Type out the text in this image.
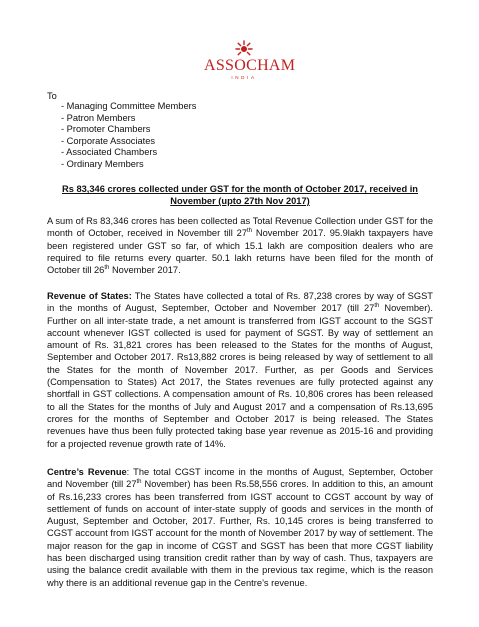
ASSOCHAM
INDIA
To
- Managing Committee Members
- Patron Members
- Promoter Chambers
- Corporate Associates
- Associated Chambers
- Ordinary Members
Rs 83,346 crores collected under GST for the month of October 2017, received in
November (upto 27th Nov 2017)

A sum of Rs 83,346 crores has been collected as Total Revenue Collection under GST for the month of October, received in November till 27th November 2017. 95.9lakh taxpayers have been registered under GST so far, of which 15.1 lakh are composition dealers who are required to file returns every quarter. 50.1 lakh returns have been filed for the month of October till 26th November 2017.

Revenue of States: The States have collected a total of Rs. 87,238 crores by way of SGST in the months of August, September, October and November 2017 (till 27th November). Further on all inter-state trade, a net amount is transferred from IGST account to the SGST account whenever IGST collected is used for payment of SGST. By way of settlement an amount of Rs. 31,821 crores has been released to the States for the months of August, September and October 2017. Rs13,882 crores is being released by way of settlement to all the States for the month of November 2017. Further, as per Goods and Services (Compensation to States) Act 2017, the States revenues are fully protected against any shortfall in GST collections. A compensation amount of Rs. 10,806 crores has been released to all the States for the months of July and August 2017 and a compensation of Rs.13,695 crores for the months of September and October 2017 is being released. The States revenues have thus been fully protected taking base year revenue as 2015-16 and providing for a projected revenue growth rate of 14%.

Centre’s Revenue: The total CGST income in the months of August, September, October and November (till 27th November) has been Rs.58,556 crores. In addition to this, an amount of Rs.16,233 crores has been transferred from IGST account to CGST account by way of settlement of funds on account of inter-state supply of goods and services in the month of August, September and October, 2017. Further, Rs. 10,145 crores is being transferred to CGST account from IGST account for the month of November 2017 by way of settlement. The major reason for the gap in income of CGST and SGST has been that more CGST liability has been discharged using transition credit rather than by way of cash. Thus, taxpayers are using the balance credit available with them in the previous tax regime, which is the reason why there is an additional revenue gap in the Centre’s revenue.
